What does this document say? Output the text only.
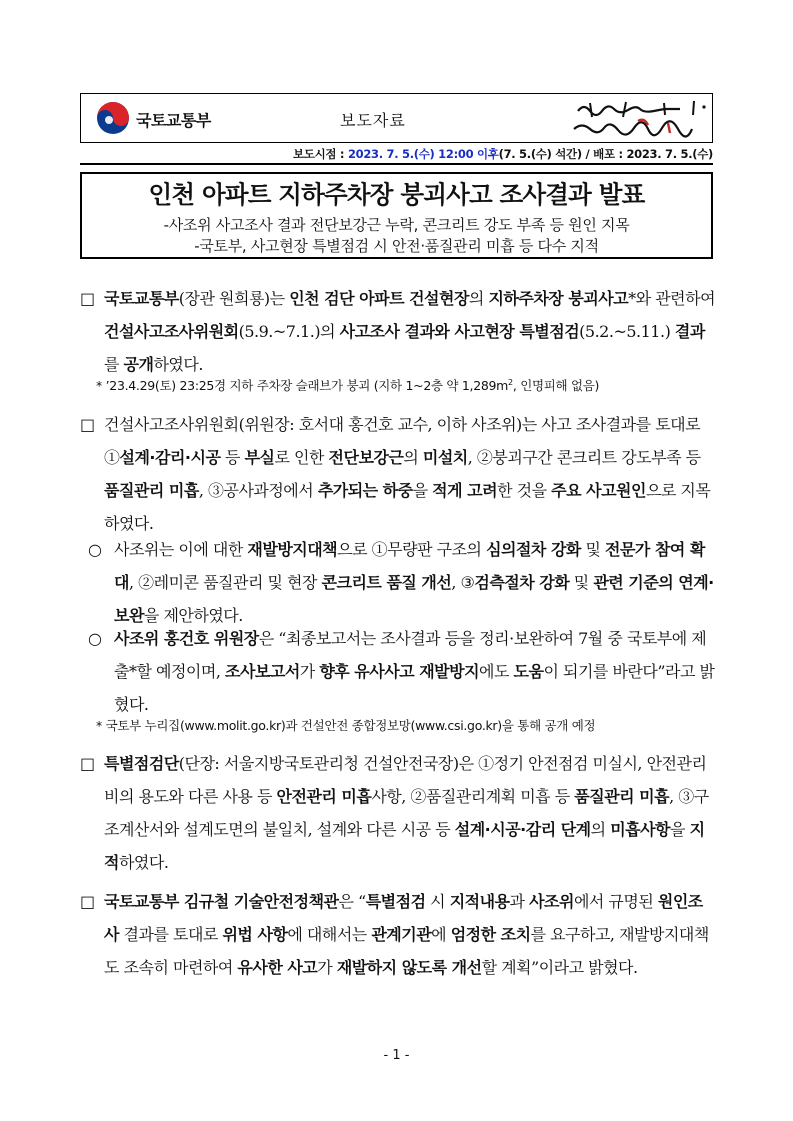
국토교통부	보도자료
보도시점 : 2023. 7. 5.(수) 12:00 이후(7. 5.(수) 석간) / 배포 : 2023. 7. 5.(수)
인천 아파트 지하주차장 붕괴사고 조사결과 발표
-사조위 사고조사 결과 전단보강근 누락, 콘크리트 강도 부족 등 원인 지목
-국토부, 사고현장 특별점검 시 안전·품질관리 미흡 등 다수 지적
□ 국토교통부(장관 원희룡)는 인천 검단 아파트 건설현장의 지하주차장 붕괴사고*와 관련하여 건설사고조사위원회(5.9.~7.1.)의 사고조사 결과와 사고현장 특별점검(5.2.~5.11.) 결과를 공개하였다.
* ’23.4.29(토) 23:25경 지하 주차장 슬래브가 붕괴 (지하 1~2층 약 $1,289m^2$, 인명피해 없음)
□ 건설사고조사위원회(위원장: 호서대 홍건호 교수, 이하 사조위)는 사고 조사결과를 토대로 ①설계·감리·시공 등 부실로 인한 전단보강근의 미설치, ②붕괴구간 콘크리트 강도부족 등 품질관리 미흡, ③공사과정에서 추가되는 하중을 적게 고려한 것을 주요 사고원인으로 지목하였다.
○ 사조위는 이에 대한 재발방지대책으로 ①무량판 구조의 심의절차 강화 및 전문가 참여 확대, ②레미콘 품질관리 및 현장 콘크리트 품질 개선, ③검측절차 강화 및 관련 기준의 연계·보완을 제안하였다.
○ 사조위 홍건호 위원장은 “최종보고서는 조사결과 등을 정리·보완하여 7월 중 국토부에 제출*할 예정이며, 조사보고서가 향후 유사사고 재발방지에도 도움이 되기를 바란다”라고 밝혔다.
* 국토부 누리집(www.molit.go.kr)과 건설안전 종합정보망(www.csi.go.kr)을 통해 공개 예정
□ 특별점검단(단장: 서울지방국토관리청 건설안전국장)은 ①정기 안전점검 미실시, 안전관리비의 용도와 다른 사용 등 안전관리 미흡사항, ②품질관리계획 미흡 등 품질관리 미흡, ③구조계산서와 설계도면의 불일치, 설계와 다른 시공 등 설계·시공·감리 단계의 미흡사항을 지적하였다.
□ 국토교통부 김규철 기술안전정책관은 “특별점검 시 지적내용과 사조위에서 규명된 원인조사 결과를 토대로 위법 사항에 대해서는 관계기관에 엄정한 조치를 요구하고, 재발방지대책도 조속히 마련하여 유사한 사고가 재발하지 않도록 개선할 계획”이라고 밝혔다.
- 1 -
